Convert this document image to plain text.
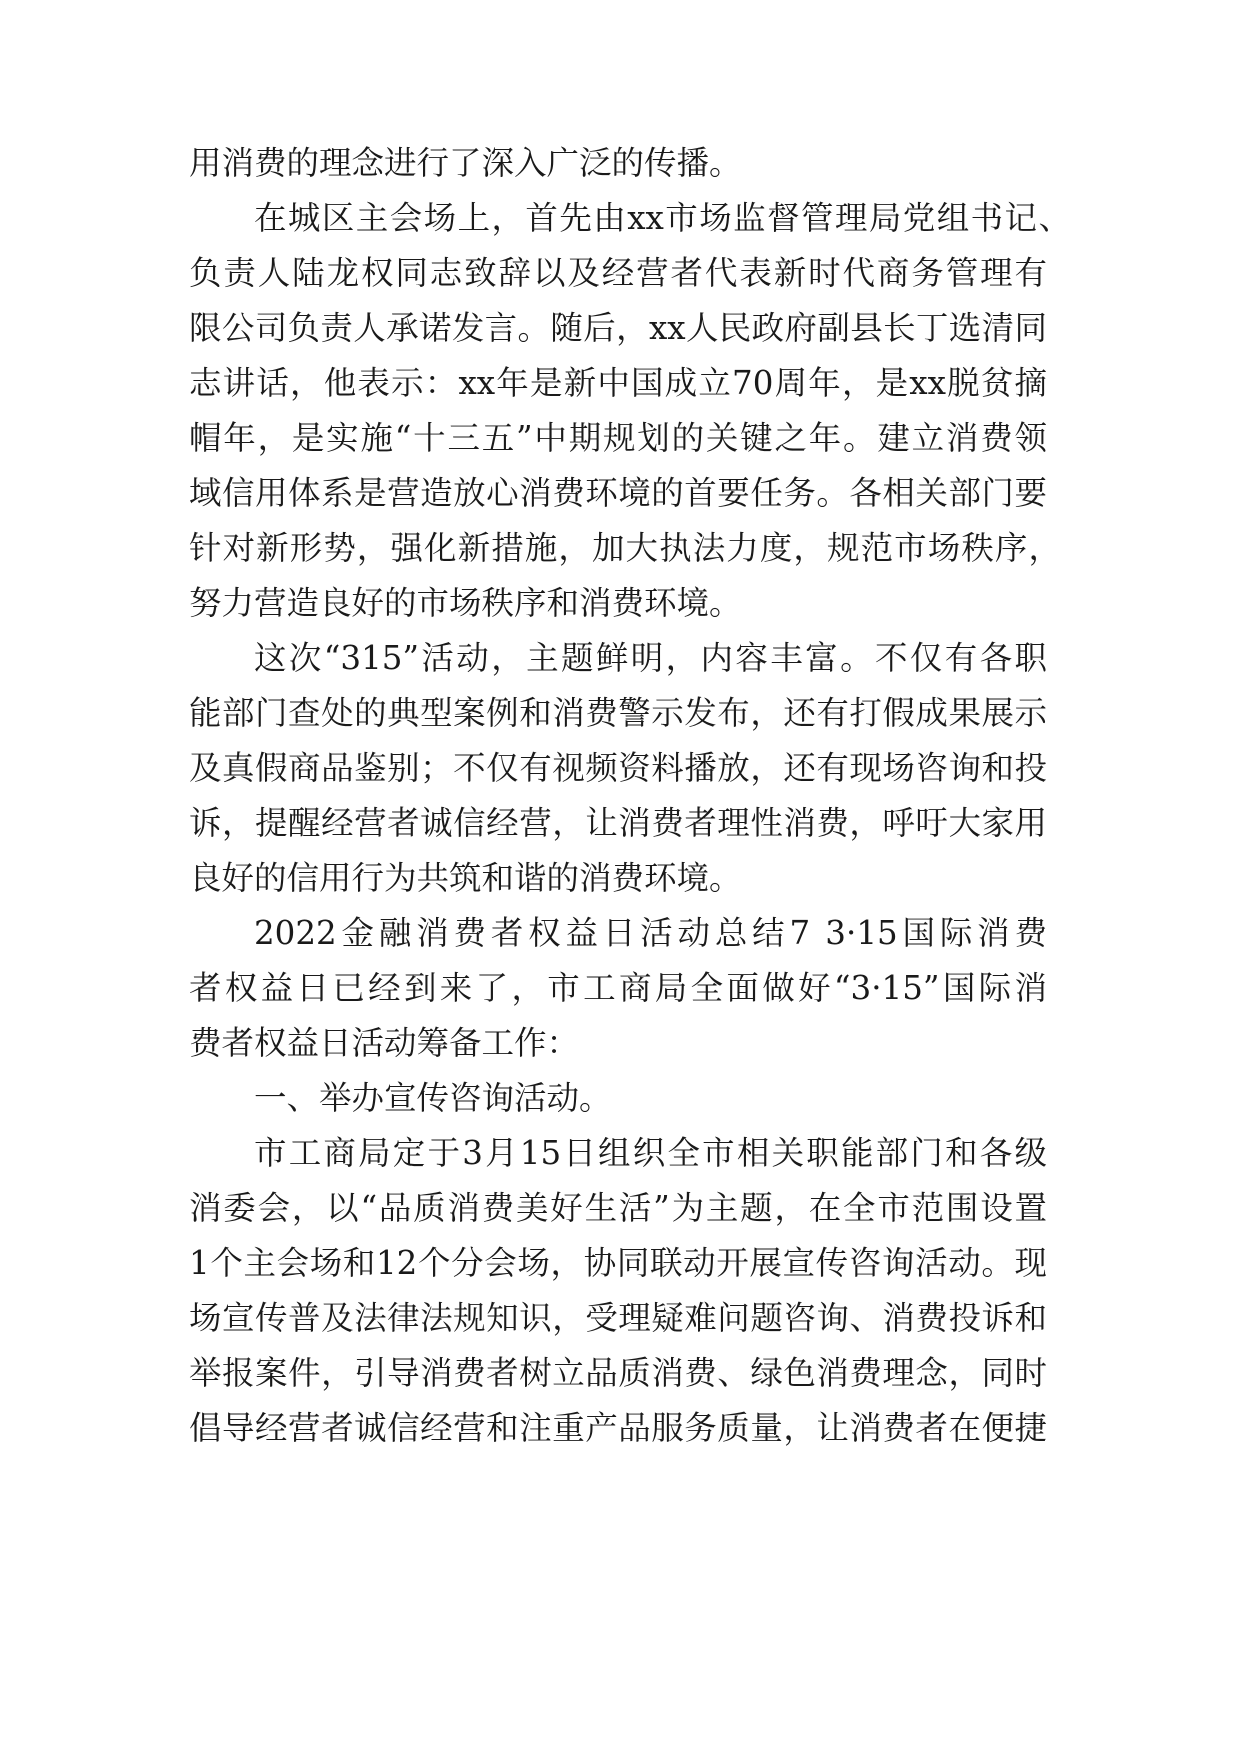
用消费的理念进行了深入广泛的传播。
在城区主会场上，首先由xx市场监督管理局党组书记、
负责人陆龙权同志致辞以及经营者代表新时代商务管理有
限公司负责人承诺发言。随后，xx人民政府副县长丁选清同
志讲话，他表示：xx年是新中国成立70周年，是xx脱贫摘
帽年，是实施“十三五”中期规划的关键之年。建立消费领
域信用体系是营造放心消费环境的首要任务。各相关部门要
针对新形势，强化新措施，加大执法力度，规范市场秩序，
努力营造良好的市场秩序和消费环境。
这次“315”活动，主题鲜明，内容丰富。不仅有各职
能部门查处的典型案例和消费警示发布，还有打假成果展示
及真假商品鉴别；不仅有视频资料播放，还有现场咨询和投
诉，提醒经营者诚信经营，让消费者理性消费，呼吁大家用
良好的信用行为共筑和谐的消费环境。
2022金融消费者权益日活动总结7 3·15国际消费
者权益日已经到来了，市工商局全面做好“3·15”国际消
费者权益日活动筹备工作：
一、举办宣传咨询活动。
市工商局定于3月15日组织全市相关职能部门和各级
消委会，以“品质消费美好生活”为主题，在全市范围设置
1个主会场和12个分会场，协同联动开展宣传咨询活动。现
场宣传普及法律法规知识，受理疑难问题咨询、消费投诉和
举报案件，引导消费者树立品质消费、绿色消费理念，同时
倡导经营者诚信经营和注重产品服务质量，让消费者在便捷
